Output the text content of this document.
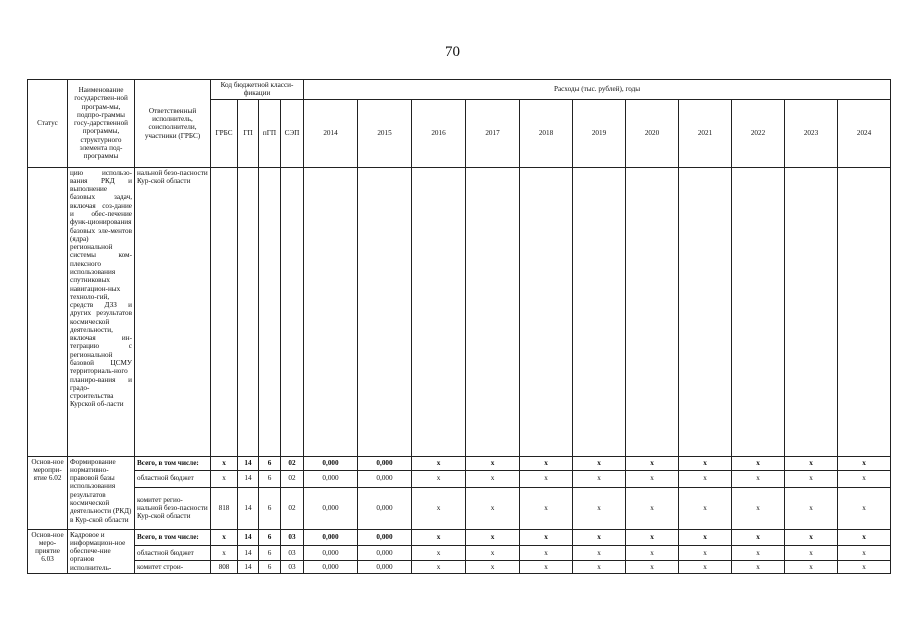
70
Статус	Наименование государствен-ной програм-мы, подпро-граммы госу-дарственной программы, структурного элемента под-программы	Ответственный исполнитель, соисполнители, участники (ГРБС)	Код бюджетной класси-фикации				Расходы (тыс. рублей), годы										
			ГРБС	ГП	пГП	СЭП	2014	2015	2016	2017	2018	2019	2020	2021	2022	2023	2024
	цию использо-вания РКД и выполнение базовых задач, включая соз-дание и обес-печение функ-ционирования базовых эле-ментов (ядра) региональной системы ком-плексного использования спутниковых навигацион-ных техноло-гий, средств ДЗЗ и других результатов космической деятельности, включая ин-теграцию с региональной базовой ЦСМУ территориаль-ного планиро-вания и градо-строительства Курской об-ласти	нальной безо-пасности Кур-ской области															
Основ-ное меропри-ятие 6.02	Формирование нормативно-правовой базы использования результатов космической деятельности (РКД) в Кур-ской области	Всего, в том числе:	x	14	6	02	0,000	0,000	x	x	x	x	x	x	x	x	x
		областной бюджет	x	14	6	02	0,000	0,000	x	x	x	x	x	x	x	x	x
		комитет регио-нальной безо-пасности Кур-ской области	818	14	6	02	0,000	0,000	x	x	x	x	x	x	x	x	x
Основ-ное меро-приятие 6.03	Кадровое и информацион-ное обеспече-ние органов исполнитель-	Всего, в том числе:	x	14	6	03	0,000	0,000	x	x	x	x	x	x	x	x	x
		областной бюджет	x	14	6	03	0,000	0,000	x	x	x	x	x	x	x	x	x
		комитет строи-	808	14	6	03	0,000	0,000	x	x	x	x	x	x	x	x	x
